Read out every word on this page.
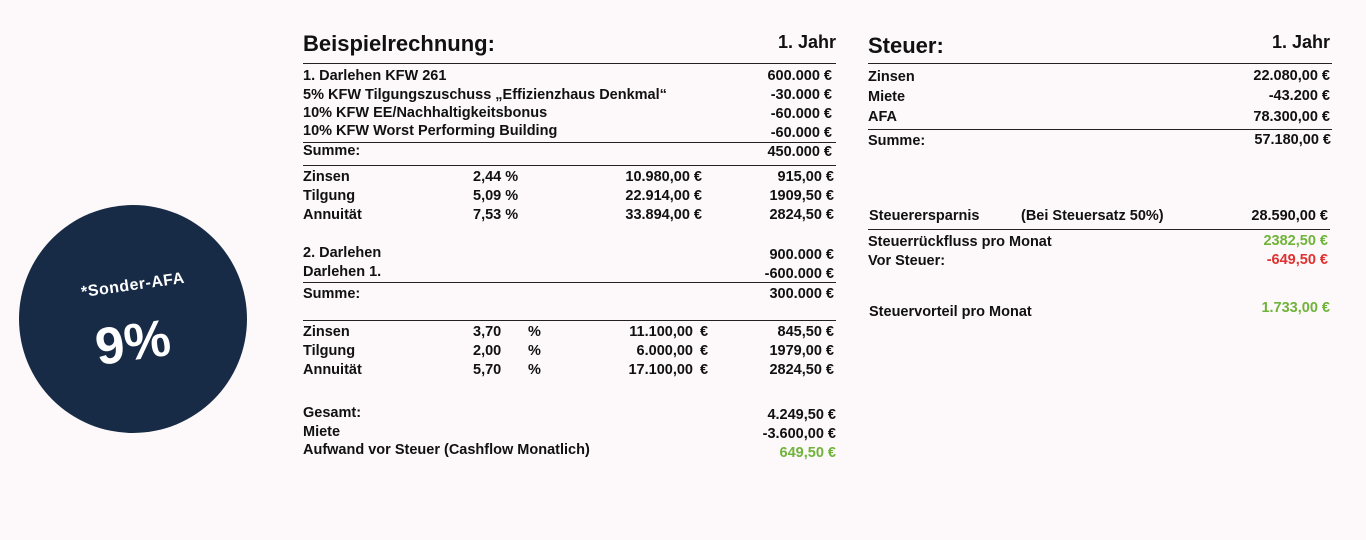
*Sonder-AFA
9%
Beispielrechnung:	1. Jahr
1. Darlehen KFW 261	600.000 €
5% KFW Tilgungszuschuss „Effizienzhaus Denkmal“	-30.000 €
10% KFW EE/Nachhaltigkeitsbonus	-60.000 €
10% KFW Worst Performing Building	-60.000 €
Summe:	450.000 €
Zinsen	2,44 %	10.980,00 €	915,00 €
Tilgung	5,09 %	22.914,00 €	1909,50 €
Annuität	7,53 %	33.894,00 €	2824,50 €
2. Darlehen	900.000 €
Darlehen 1.	-600.000 €
Summe:	300.000 €
Zinsen	3,70 %	11.100,00 €	845,50 €
Tilgung	2,00 %	6.000,00 €	1979,00 €
Annuität	5,70 %	17.100,00 €	2824,50 €
Gesamt:	4.249,50 €
Miete	-3.600,00 €
Aufwand vor Steuer (Cashflow Monatlich)	649,50 €
Steuer:	1. Jahr
Zinsen	22.080,00 €
Miete	-43.200 €
AFA	78.300,00 €
Summe:	57.180,00 €
Steuerersparnis	(Bei Steuersatz 50%)	28.590,00 €
Steuerrückfluss pro Monat	2382,50 €
Vor Steuer:	-649,50 €
Steuervorteil pro Monat	1.733,00 €
